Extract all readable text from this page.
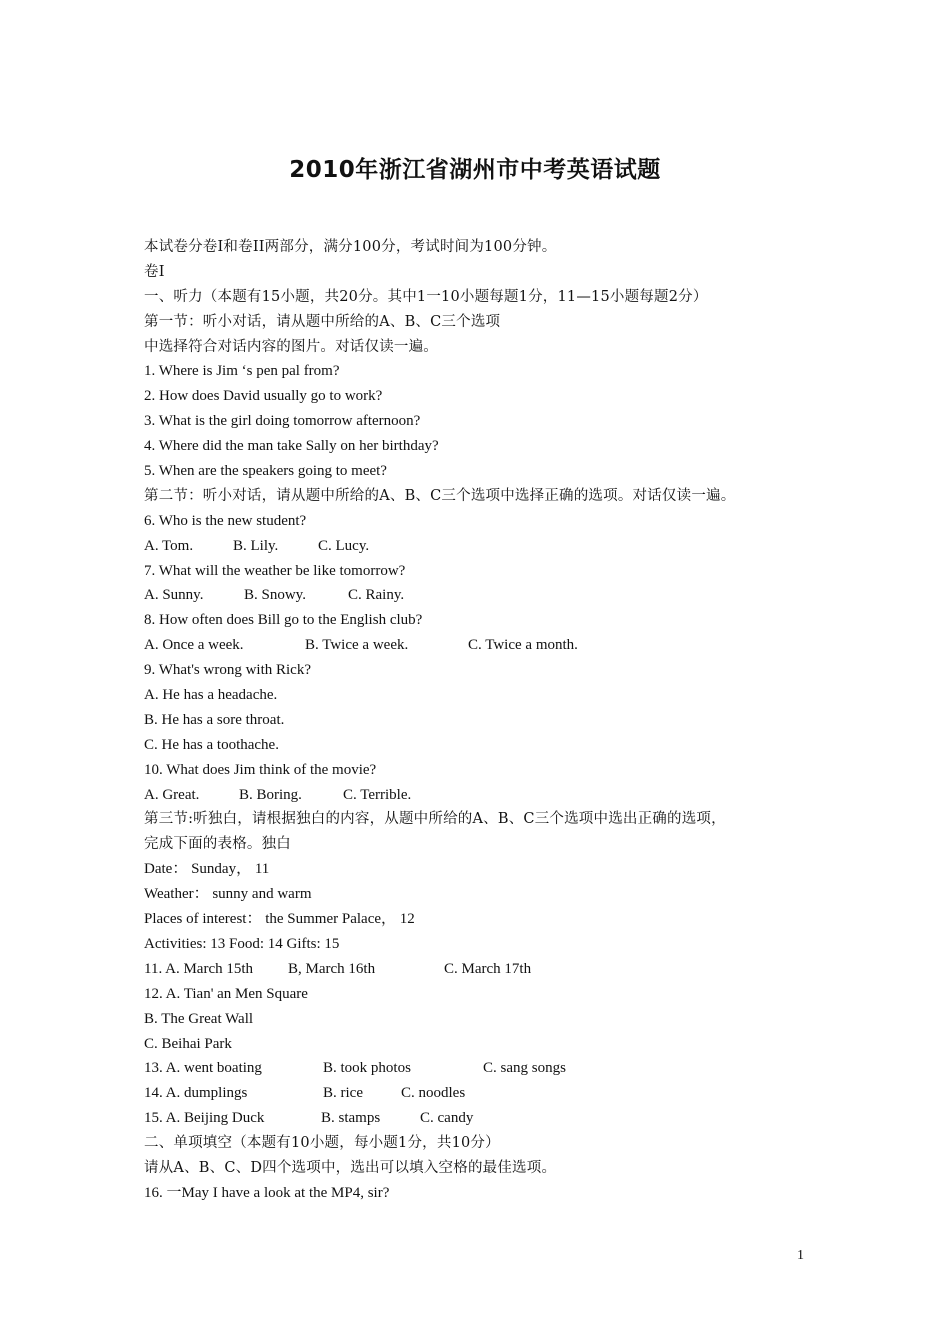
2010年浙江省湖州市中考英语试题
本试卷分卷I和卷II两部分，满分100分，考试时间为100分钟。
卷I
一、听力（本题有15小题，共20分。其中1一10小题每题1分，11—15小题每题2分）
第一节：听小对话，请从题中所给的A、B、C三个选项
中选择符合对话内容的图片。对话仅读一遍。
1. Where is Jim ‘s pen pal from?
2. How does David usually go to work?
3. What is the girl doing tomorrow afternoon?
4. Where did the man take Sally on her birthday?
5. When are the speakers going to meet?
第二节：听小对话，请从题中所给的A、B、C三个选项中选择正确的选项。对话仅读一遍。
6. Who is the new student?
A. Tom.	B. Lily.	C. Lucy.
7. What will the weather be like tomorrow?
A. Sunny.	B. Snowy.	C. Rainy.
8. How often does Bill go to the English club?
A. Once a week.	B. Twice a week.	C. Twice a month.
9. What's wrong with Rick?
A. He has a headache.
B. He has a sore throat.
C. He has a toothache.
10. What does Jim think of the movie?
A. Great.	B. Boring.	C. Terrible.
第三节:听独白，请根据独白的内容，从题中所给的A、B、C三个选项中选出正确的选项，
完成下面的表格。独白
Date： Sunday， 11
Weather： sunny and warm
Places of interest： the Summer Palace， 12
Activities: 13 Food: 14 Gifts: 15
11. A. March 15th B, March 16th	C. March 17th
12. A. Tian' an Men Square
B. The Great Wall
C. Beihai Park
13. A. went boating	B. took photos	C. sang songs
14. A. dumplings	B. rice	C. noodles
15. A. Beijing Duck	B. stamps	C. candy
二、单项填空（本题有10小题，每小题1分，共10分）
请从A、B、C、D四个选项中，选出可以填入空格的最佳选项。
16. 一May I have a look at the MP4, sir?
1
